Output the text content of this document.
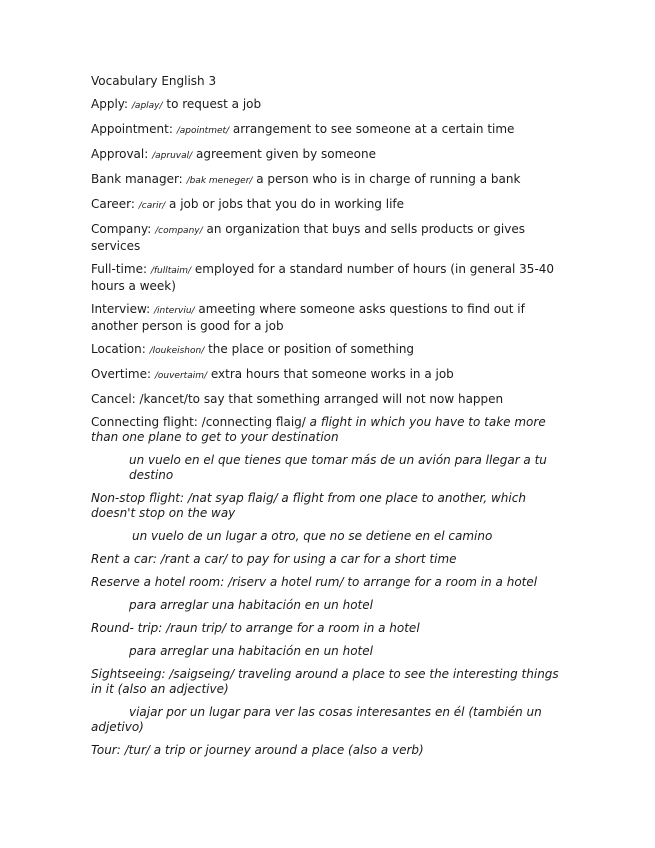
Vocabulary English 3
Apply: /aplay/ to request a job
Appointment: /apointmet/ arrangement to see someone at a certain time
Approval: /apruval/ agreement given by someone
Bank manager: /bak meneger/ a person who is in charge of running a bank
Career: /carir/ a job or jobs that you do in working life
Company: /company/ an organization that buys and sells products or gives services
Full-time: /fulltaim/ employed for a standard number of hours (in general 35-40 hours a week)
Interview: /interviu/ ameeting where someone asks questions to find out if another person is good for a job
Location: /loukeishon/ the place or position of something
Overtime: /ouvertaim/ extra hours that someone works in a job
Cancel: /kancet/to say that something arranged will not now happen
Connecting flight: /connecting flaig/ a flight in which you have to take more than one plane to get to your destination
un vuelo en el que tienes que tomar más de un avión para llegar a tu destino
Non-stop flight: /nat syap flaig/ a flight from one place to another, which doesn't stop on the way
un vuelo de un lugar a otro, que no se detiene en el camino
Rent a car: /rant a car/ to pay for using a car for a short time
Reserve a hotel room: /riserv a hotel rum/ to arrange for a room in a hotel
para arreglar una habitación en un hotel
Round- trip: /raun trip/ to arrange for a room in a hotel
para arreglar una habitación en un hotel
Sightseeing: /saigseing/ traveling around a place to see the interesting things in it (also an adjective)
viajar por un lugar para ver las cosas interesantes en él (también un adjetivo)
Tour: /tur/ a trip or journey around a place (also a verb)
